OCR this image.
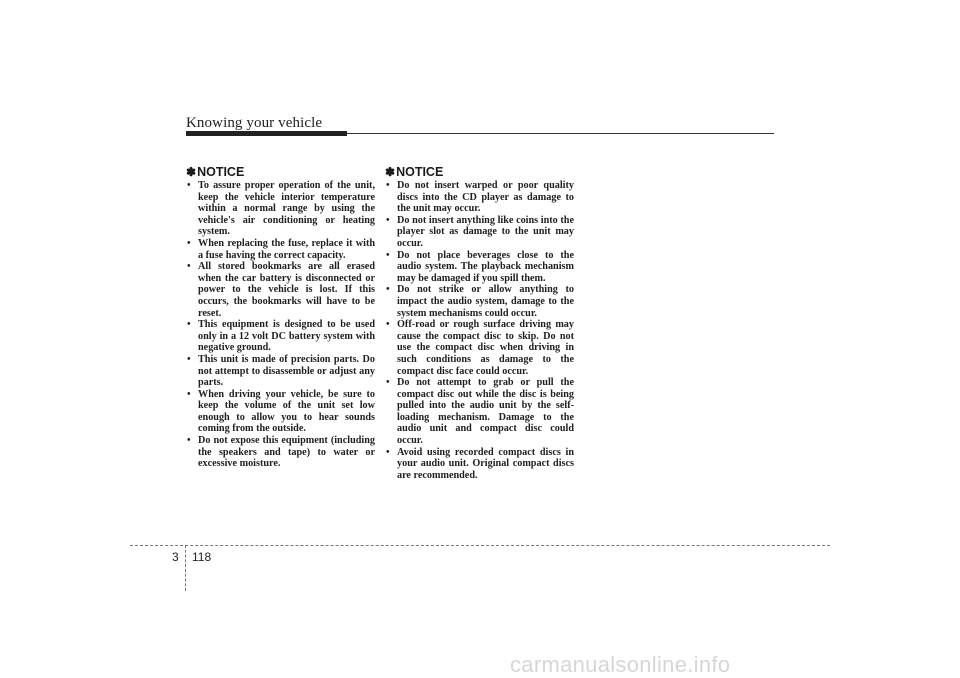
Knowing your vehicle
✽NOTICE
• To assure proper operation of the unit, keep the vehicle interior temperature within a normal range by using the vehicle's air conditioning or heating system.
• When replacing the fuse, replace it with a fuse having the correct capacity.
• All stored bookmarks are all erased when the car battery is disconnected or power to the vehicle is lost. If this occurs, the bookmarks will have to be reset.
• This equipment is designed to be used only in a 12 volt DC battery system with negative ground.
• This unit is made of precision parts. Do not attempt to disassemble or adjust any parts.
• When driving your vehicle, be sure to keep the volume of the unit set low enough to allow you to hear sounds coming from the outside.
• Do not expose this equipment (including the speakers and tape) to water or excessive moisture.
✽NOTICE
• Do not insert warped or poor quality discs into the CD player as damage to the unit may occur.
• Do not insert anything like coins into the player slot as damage to the unit may occur.
• Do not place beverages close to the audio system. The playback mechanism may be damaged if you spill them.
• Do not strike or allow anything to impact the audio system, damage to the system mechanisms could occur.
• Off-road or rough surface driving may cause the compact disc to skip. Do not use the compact disc when driving in such conditions as damage to the compact disc face could occur.
• Do not attempt to grab or pull the compact disc out while the disc is being pulled into the audio unit by the self-loading mechanism. Damage to the audio unit and compact disc could occur.
• Avoid using recorded compact discs in your audio unit. Original compact discs are recommended.
3 118
carmanualsonline.info
